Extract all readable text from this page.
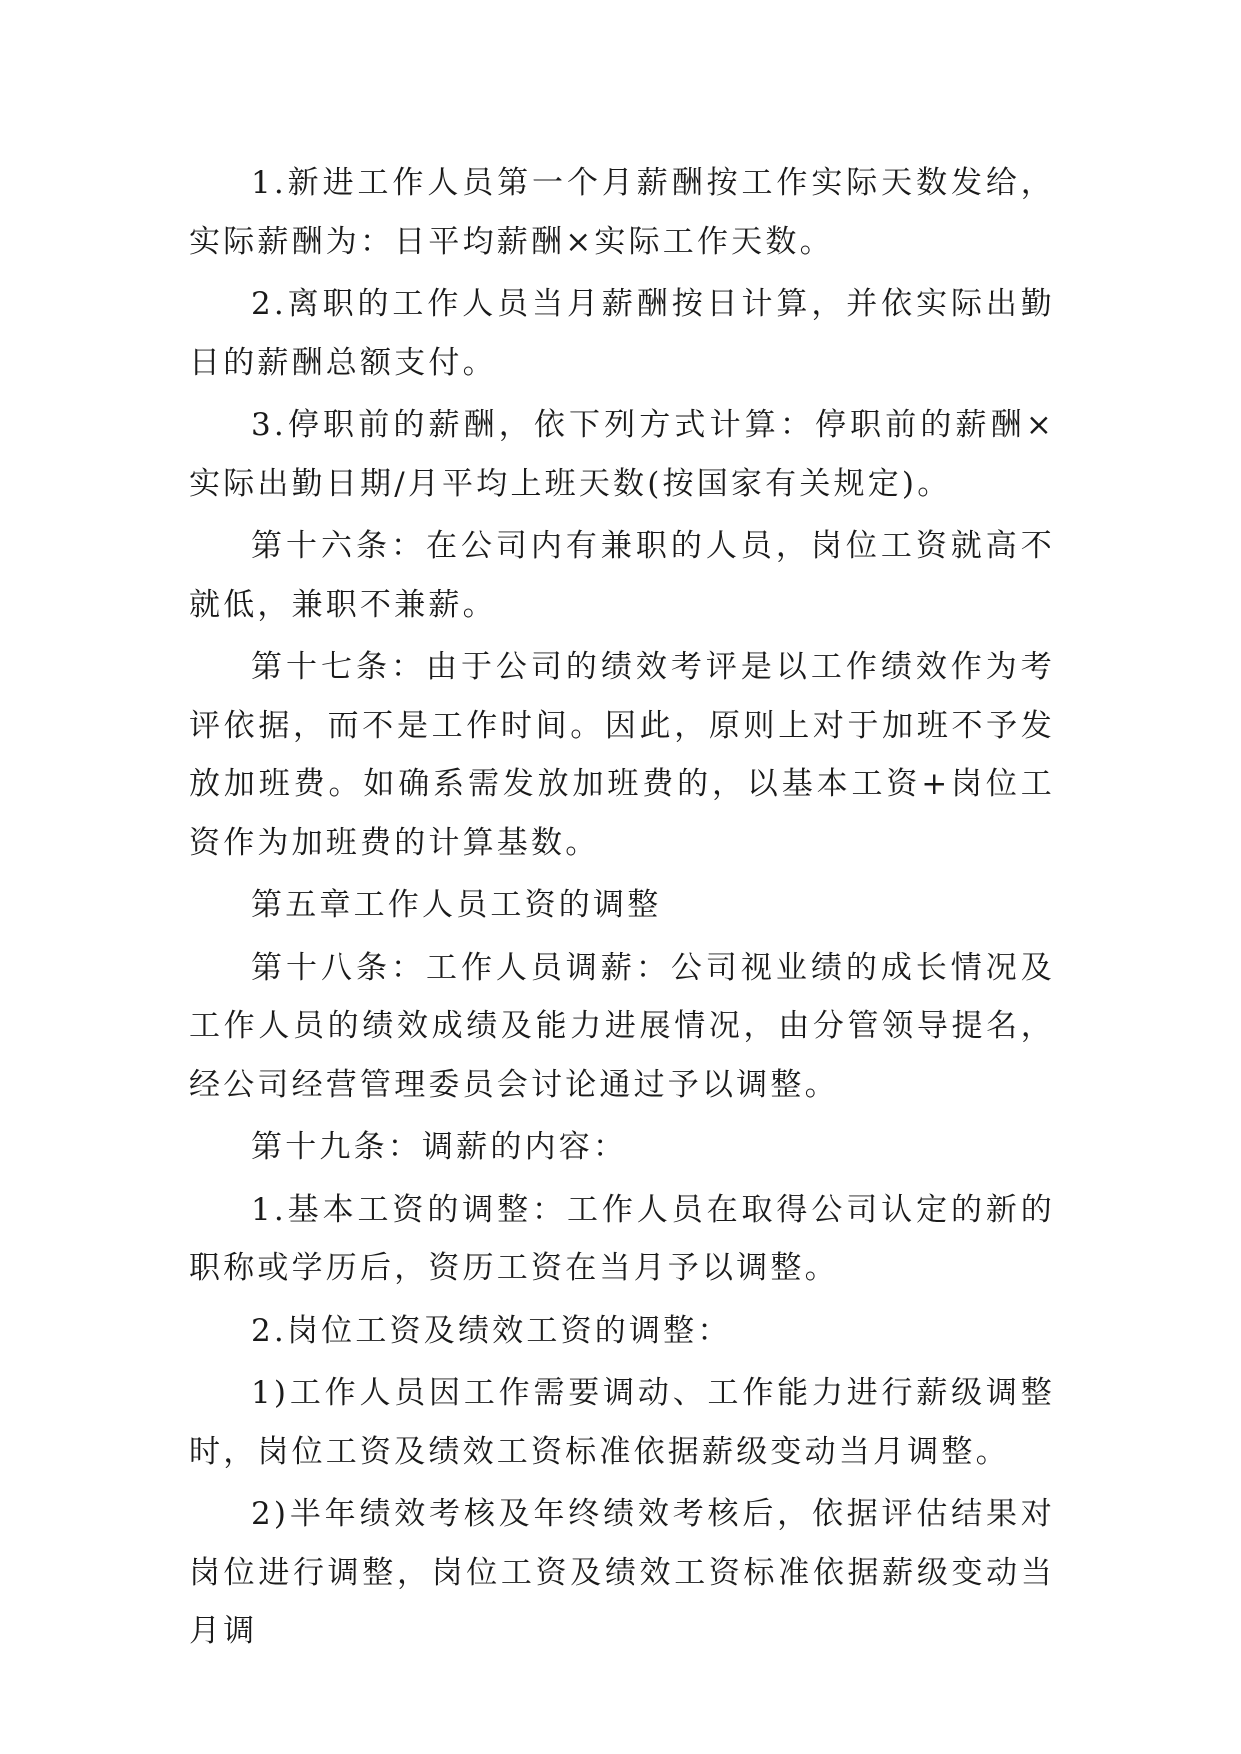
1.新进工作人员第一个月薪酬按工作实际天数发给，实际薪酬为：日平均薪酬×实际工作天数。

2.离职的工作人员当月薪酬按日计算，并依实际出勤日的薪酬总额支付。

3.停职前的薪酬，依下列方式计算：停职前的薪酬×实际出勤日期/月平均上班天数(按国家有关规定)。

第十六条：在公司内有兼职的人员，岗位工资就高不就低，兼职不兼薪。

第十七条：由于公司的绩效考评是以工作绩效作为考评依据，而不是工作时间。因此，原则上对于加班不予发放加班费。如确系需发放加班费的，以基本工资+岗位工资作为加班费的计算基数。

第五章工作人员工资的调整

第十八条：工作人员调薪：公司视业绩的成长情况及工作人员的绩效成绩及能力进展情况，由分管领导提名，经公司经营管理委员会讨论通过予以调整。

第十九条：调薪的内容：

1.基本工资的调整：工作人员在取得公司认定的新的职称或学历后，资历工资在当月予以调整。

2.岗位工资及绩效工资的调整：

1)工作人员因工作需要调动、工作能力进行薪级调整时，岗位工资及绩效工资标准依据薪级变动当月调整。

2)半年绩效考核及年终绩效考核后，依据评估结果对岗位进行调整，岗位工资及绩效工资标准依据薪级变动当月调
